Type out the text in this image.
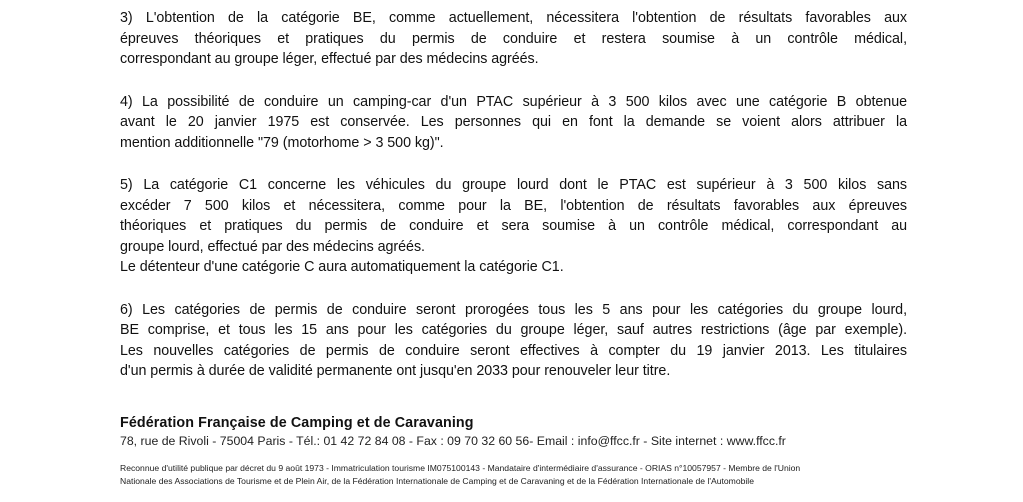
3) L'obtention de la catégorie BE, comme actuellement, nécessitera l'obtention de résultats favorables aux
épreuves théoriques et pratiques du permis de conduire et restera soumise à un contrôle médical,
correspondant au groupe léger, effectué par des médecins agréés.

4) La possibilité de conduire un camping-car d'un PTAC supérieur à 3 500 kilos avec une catégorie B obtenue
avant le 20 janvier 1975 est conservée. Les personnes qui en font la demande se voient alors attribuer la
mention additionnelle "79 (motorhome > 3 500 kg)".

5) La catégorie C1 concerne les véhicules du groupe lourd dont le PTAC est supérieur à 3 500 kilos sans
excéder 7 500 kilos et nécessitera, comme pour la BE, l'obtention de résultats favorables aux épreuves
théoriques et pratiques du permis de conduire et sera soumise à un contrôle médical, correspondant au
groupe lourd, effectué par des médecins agréés.
Le détenteur d'une catégorie C aura automatiquement la catégorie C1.

6) Les catégories de permis de conduire seront prorogées tous les 5 ans pour les catégories du groupe lourd,
BE comprise, et tous les 15 ans pour les catégories du groupe léger, sauf autres restrictions (âge par exemple).
Les nouvelles catégories de permis de conduire seront effectives à compter du 19 janvier 2013. Les titulaires
d'un permis à durée de validité permanente ont jusqu'en 2033 pour renouveler leur titre.

Fédération Française de Camping et de Caravaning
78, rue de Rivoli - 75004 Paris - Tél.: 01 42 72 84 08 - Fax : 09 70 32 60 56- Email : info@ffcc.fr - Site internet : www.ffcc.fr
Reconnue d'utilité publique par décret du 9 août 1973 - Immatriculation tourisme IM075100143 - Mandataire d'intermédiaire d'assurance - ORIAS n°10057957 - Membre de l'Union
Nationale des Associations de Tourisme et de Plein Air, de la Fédération Internationale de Camping et de Caravaning et de la Fédération Internationale de l'Automobile
